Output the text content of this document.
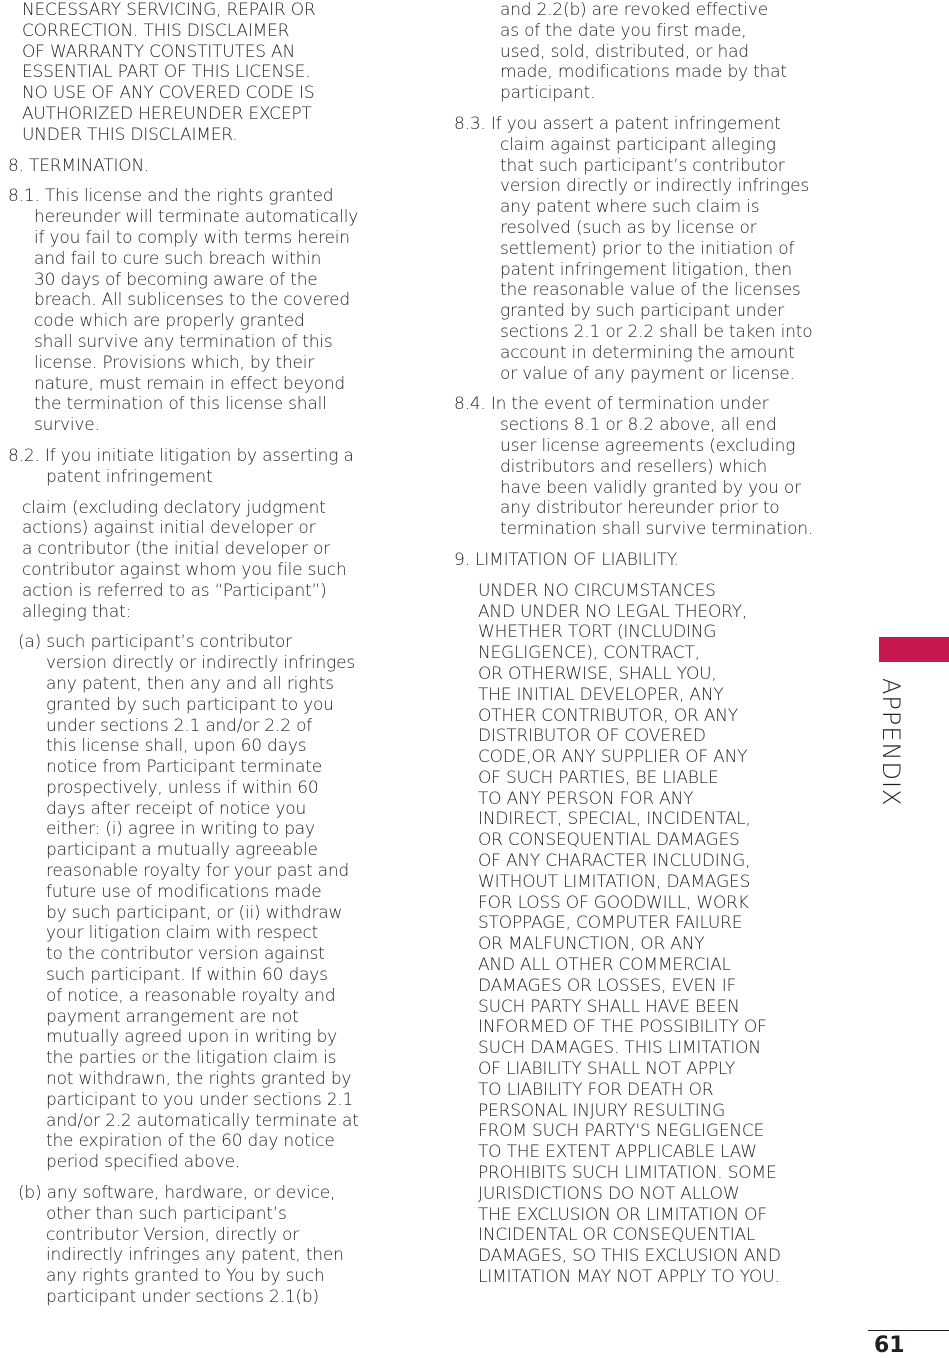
NECESSARY SERVICING, REPAIR OR
CORRECTION. THIS DISCLAIMER
OF WARRANTY CONSTITUTES AN
ESSENTIAL PART OF THIS LICENSE.
NO USE OF ANY COVERED CODE IS
AUTHORIZED HEREUNDER EXCEPT
UNDER THIS DISCLAIMER.

8. TERMINATION.

8.1. This license and the rights granted
hereunder will terminate automatically
if you fail to comply with terms herein
and fail to cure such breach within
30 days of becoming aware of the
breach. All sublicenses to the covered
code which are properly granted
shall survive any termination of this
license. Provisions which, by their
nature, must remain in effect beyond
the termination of this license shall
survive.

8.2. If you initiate litigation by asserting a
patent infringement

claim (excluding declatory judgment
actions) against initial developer or
a contributor (the initial developer or
contributor against whom you file such
action is referred to as “Participant”)
alleging that:

(a) such participant’s contributor
version directly or indirectly infringes
any patent, then any and all rights
granted by such participant to you
under sections 2.1 and/or 2.2 of
this license shall, upon 60 days
notice from Participant terminate
prospectively, unless if within 60
days after receipt of notice you
either: (i) agree in writing to pay
participant a mutually agreeable
reasonable royalty for your past and
future use of modifications made
by such participant, or (ii) withdraw
your litigation claim with respect
to the contributor version against
such participant. If within 60 days
of notice, a reasonable royalty and
payment arrangement are not
mutually agreed upon in writing by
the parties or the litigation claim is
not withdrawn, the rights granted by
participant to you under sections 2.1
and/or 2.2 automatically terminate at
the expiration of the 60 day notice
period specified above.

(b) any software, hardware, or device,
other than such participant’s
contributor Version, directly or
indirectly infringes any patent, then
any rights granted to You by such
participant under sections 2.1(b)

and 2.2(b) are revoked effective
as of the date you first made,
used, sold, distributed, or had
made, modifications made by that
participant.

8.3. If you assert a patent infringement
claim against participant alleging
that such participant’s contributor
version directly or indirectly infringes
any patent where such claim is
resolved (such as by license or
settlement) prior to the initiation of
patent infringement litigation, then
the reasonable value of the licenses
granted by such participant under
sections 2.1 or 2.2 shall be taken into
account in determining the amount
or value of any payment or license.

8.4. In the event of termination under
sections 8.1 or 8.2 above, all end
user license agreements (excluding
distributors and resellers) which
have been validly granted by you or
any distributor hereunder prior to
termination shall survive termination.

9. LIMITATION OF LIABILITY.

UNDER NO CIRCUMSTANCES
AND UNDER NO LEGAL THEORY,
WHETHER TORT (INCLUDING
NEGLIGENCE), CONTRACT,
OR OTHERWISE, SHALL YOU,
THE INITIAL DEVELOPER, ANY
OTHER CONTRIBUTOR, OR ANY
DISTRIBUTOR OF COVERED
CODE,OR ANY SUPPLIER OF ANY
OF SUCH PARTIES, BE LIABLE
TO ANY PERSON FOR ANY
INDIRECT, SPECIAL, INCIDENTAL,
OR CONSEQUENTIAL DAMAGES
OF ANY CHARACTER INCLUDING,
WITHOUT LIMITATION, DAMAGES
FOR LOSS OF GOODWILL, WORK
STOPPAGE, COMPUTER FAILURE
OR MALFUNCTION, OR ANY
AND ALL OTHER COMMERCIAL
DAMAGES OR LOSSES, EVEN IF
SUCH PARTY SHALL HAVE BEEN
INFORMED OF THE POSSIBILITY OF
SUCH DAMAGES. THIS LIMITATION
OF LIABILITY SHALL NOT APPLY
TO LIABILITY FOR DEATH OR
PERSONAL INJURY RESULTING
FROM SUCH PARTY'S NEGLIGENCE
TO THE EXTENT APPLICABLE LAW
PROHIBITS SUCH LIMITATION. SOME
JURISDICTIONS DO NOT ALLOW
THE EXCLUSION OR LIMITATION OF
INCIDENTAL OR CONSEQUENTIAL
DAMAGES, SO THIS EXCLUSION AND
LIMITATION MAY NOT APPLY TO YOU.

APPENDIX
61
